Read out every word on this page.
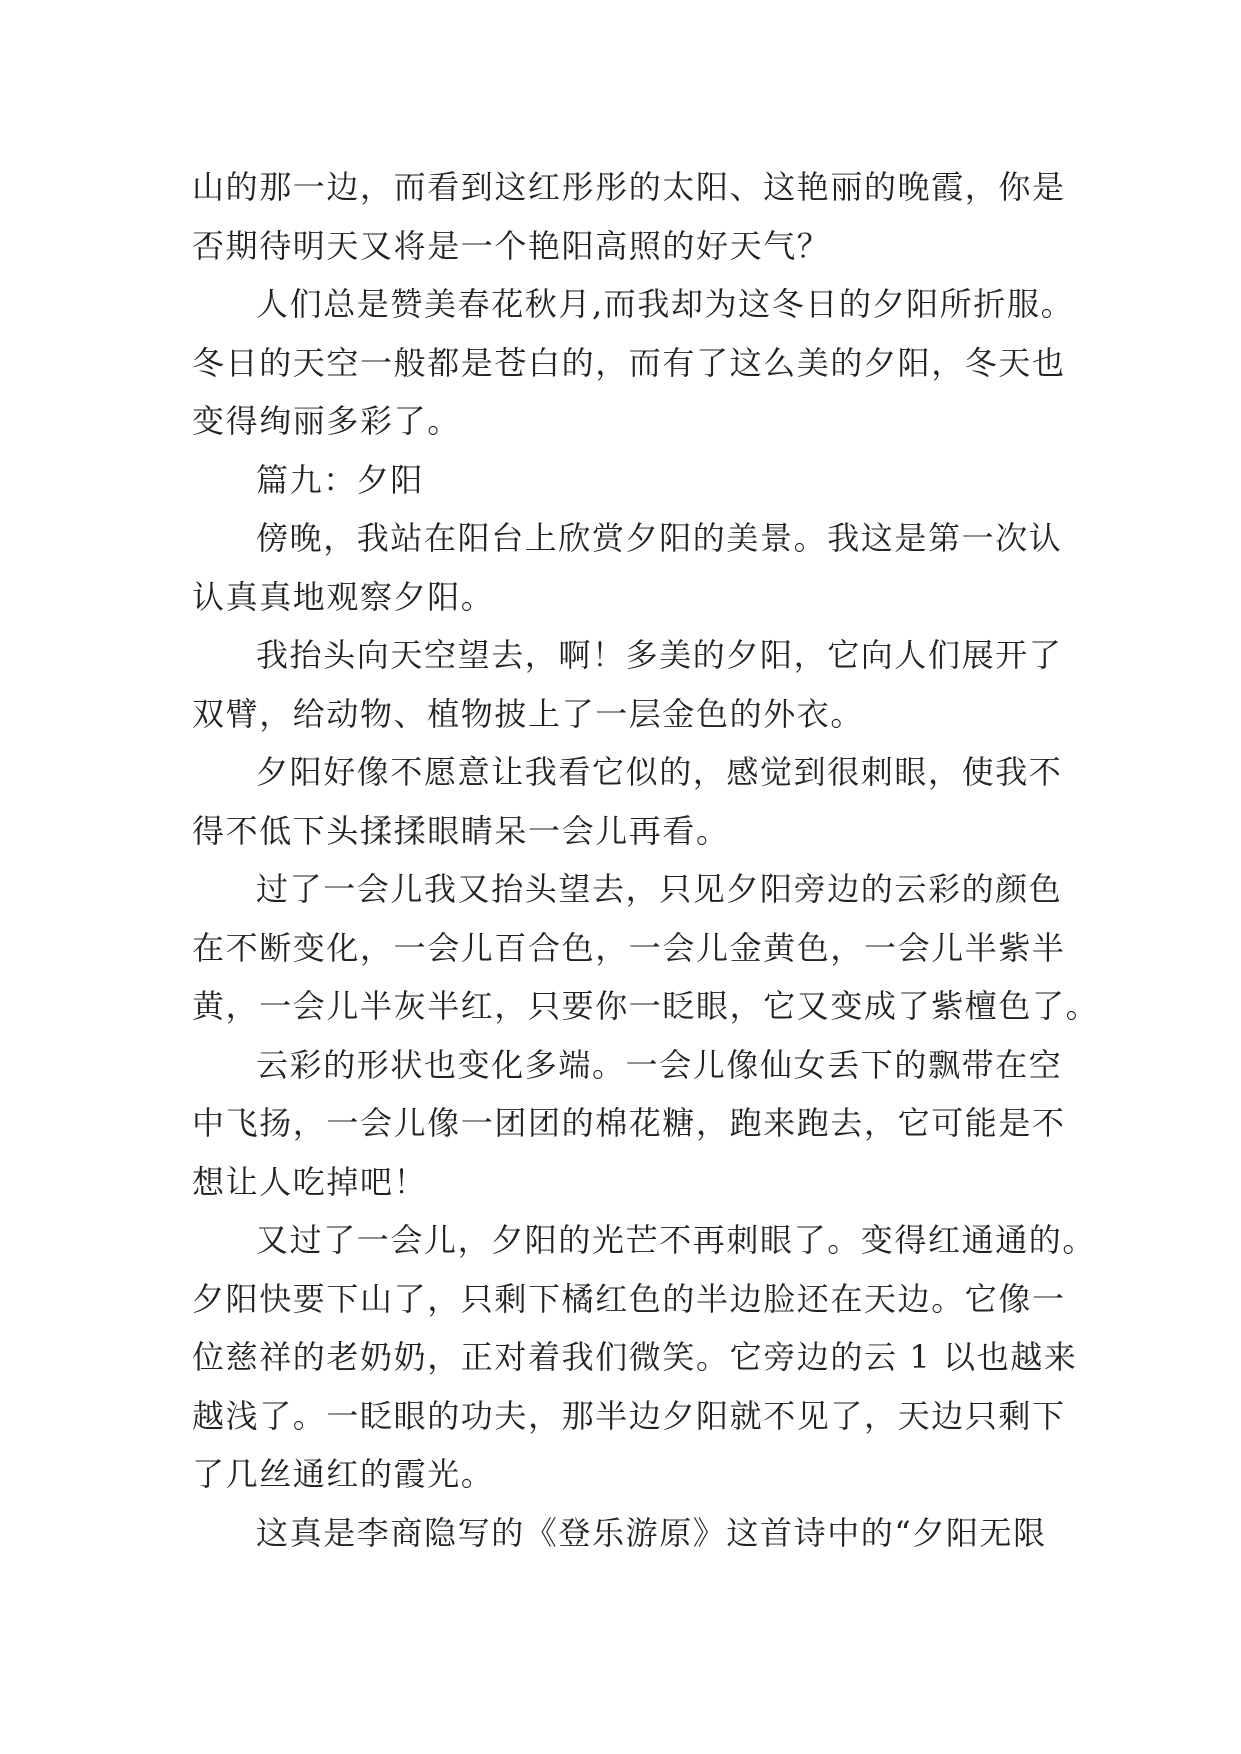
山的那一边，而看到这红彤彤的太阳、这艳丽的晚霞，你是
否期待明天又将是一个艳阳高照的好天气？
人们总是赞美春花秋月,而我却为这冬日的夕阳所折服。
冬日的天空一般都是苍白的，而有了这么美的夕阳，冬天也
变得绚丽多彩了。
篇九：夕阳
傍晚，我站在阳台上欣赏夕阳的美景。我这是第一次认
认真真地观察夕阳。
我抬头向天空望去，啊！多美的夕阳，它向人们展开了
双臂，给动物、植物披上了一层金色的外衣。
夕阳好像不愿意让我看它似的，感觉到很刺眼，使我不
得不低下头揉揉眼睛呆一会儿再看。
过了一会儿我又抬头望去，只见夕阳旁边的云彩的颜色
在不断变化，一会儿百合色，一会儿金黄色，一会儿半紫半
黄，一会儿半灰半红，只要你一眨眼，它又变成了紫檀色了。
云彩的形状也变化多端。一会儿像仙女丢下的飘带在空
中飞扬，一会儿像一团团的棉花糖，跑来跑去，它可能是不
想让人吃掉吧！
又过了一会儿，夕阳的光芒不再刺眼了。变得红通通的。
夕阳快要下山了，只剩下橘红色的半边脸还在天边。它像一
位慈祥的老奶奶，正对着我们微笑。它旁边的云 1 以也越来
越浅了。一眨眼的功夫，那半边夕阳就不见了，天边只剩下
了几丝通红的霞光。
这真是李商隐写的《登乐游原》这首诗中的“夕阳无限
